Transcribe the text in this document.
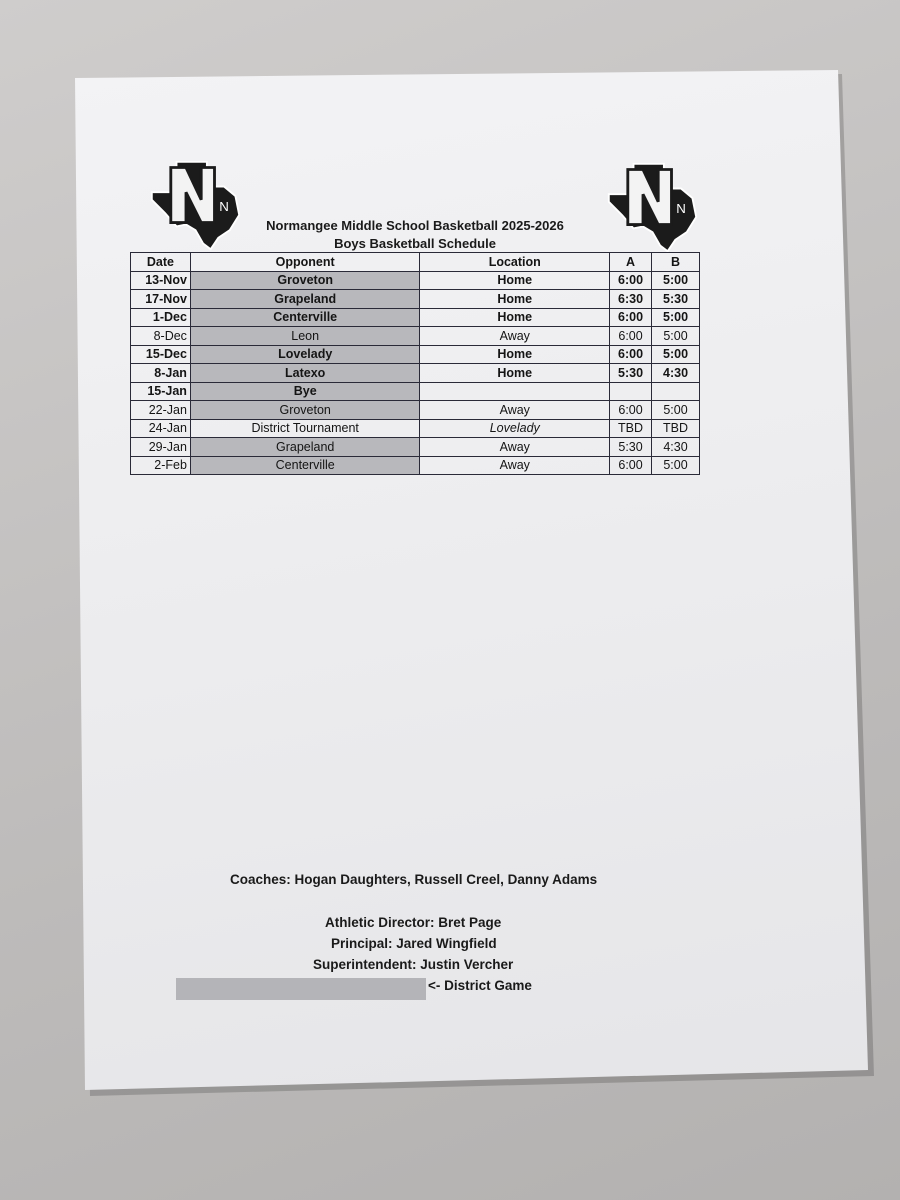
N	N
Normangee Middle School Basketball 2025-2026
Boys Basketball Schedule
Date	Opponent	Location	A	B
13-Nov	Groveton	Home	6:00	5:00
17-Nov	Grapeland	Home	6:30	5:30
1-Dec	Centerville	Home	6:00	5:00
8-Dec	Leon	Away	6:00	5:00
15-Dec	Lovelady	Home	6:00	5:00
8-Jan	Latexo	Home	5:30	4:30
15-Jan	Bye			
22-Jan	Groveton	Away	6:00	5:00
24-Jan	District Tournament	Lovelady	TBD	TBD
29-Jan	Grapeland	Away	5:30	4:30
2-Feb	Centerville	Away	6:00	5:00
Coaches: Hogan Daughters, Russell Creel, Danny Adams
Athletic Director: Bret Page
Principal: Jared Wingfield
Superintendent: Justin Vercher
<- District Game
